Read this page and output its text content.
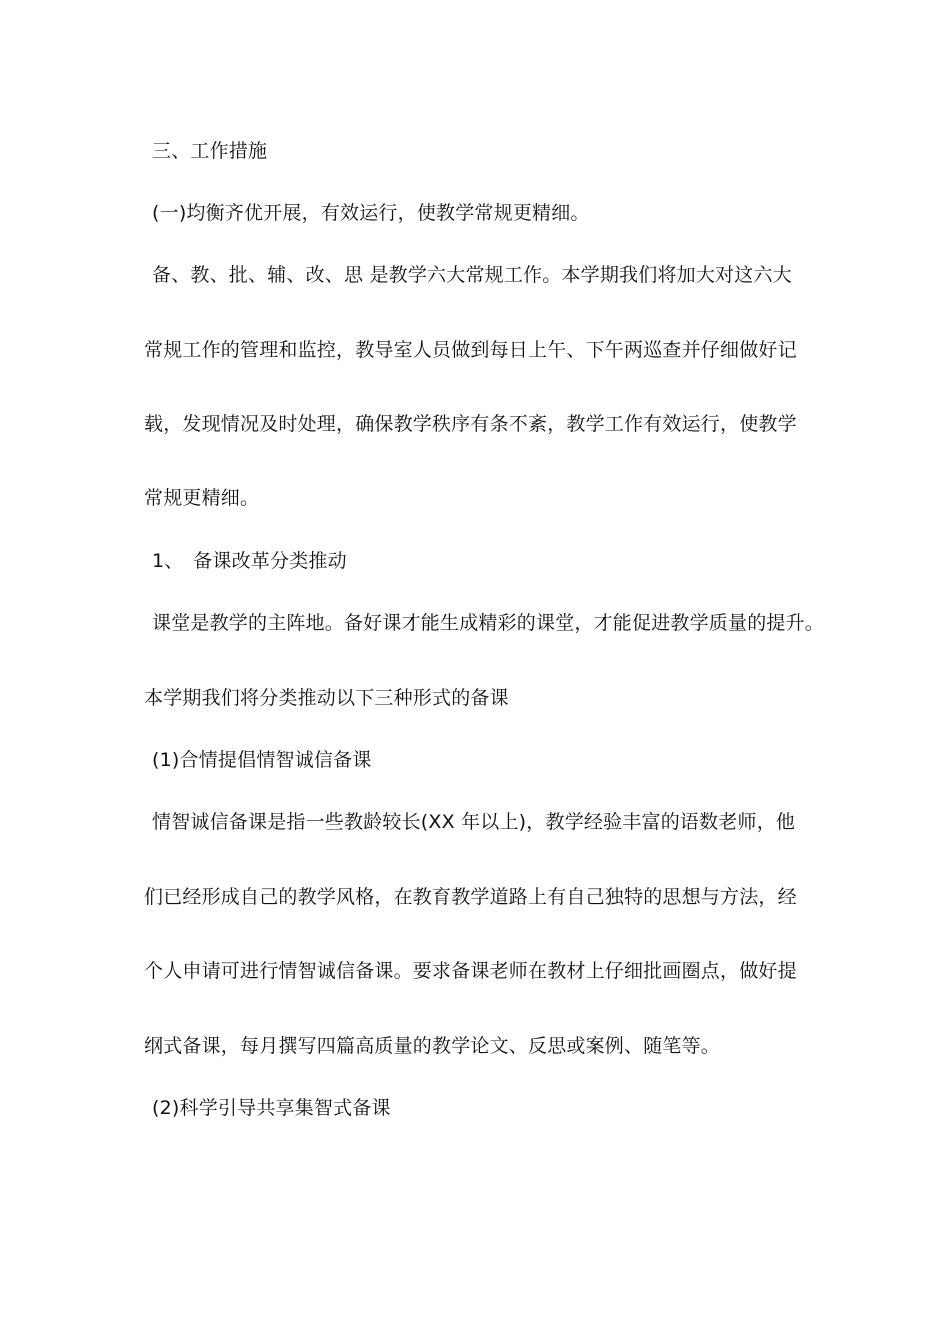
三、工作措施
(一)均衡齐优开展，有效运行，使教学常规更精细。
备、教、批、辅、改、思 是教学六大常规工作。本学期我们将加大对这六大
常规工作的管理和监控，教导室人员做到每日上午、下午两巡查并仔细做好记
载，发现情况及时处理，确保教学秩序有条不紊，教学工作有效运行，使教学
常规更精细。
1、　备课改革分类推动
课堂是教学的主阵地。备好课才能生成精彩的课堂，才能促进教学质量的提升。
本学期我们将分类推动以下三种形式的备课
(1)合情提倡情智诚信备课
情智诚信备课是指一些教龄较长(XX 年以上)，教学经验丰富的语数老师，他
们已经形成自己的教学风格，在教育教学道路上有自己独特的思想与方法，经
个人申请可进行情智诚信备课。要求备课老师在教材上仔细批画圈点，做好提
纲式备课，每月撰写四篇高质量的教学论文、反思或案例、随笔等。
(2)科学引导共享集智式备课
